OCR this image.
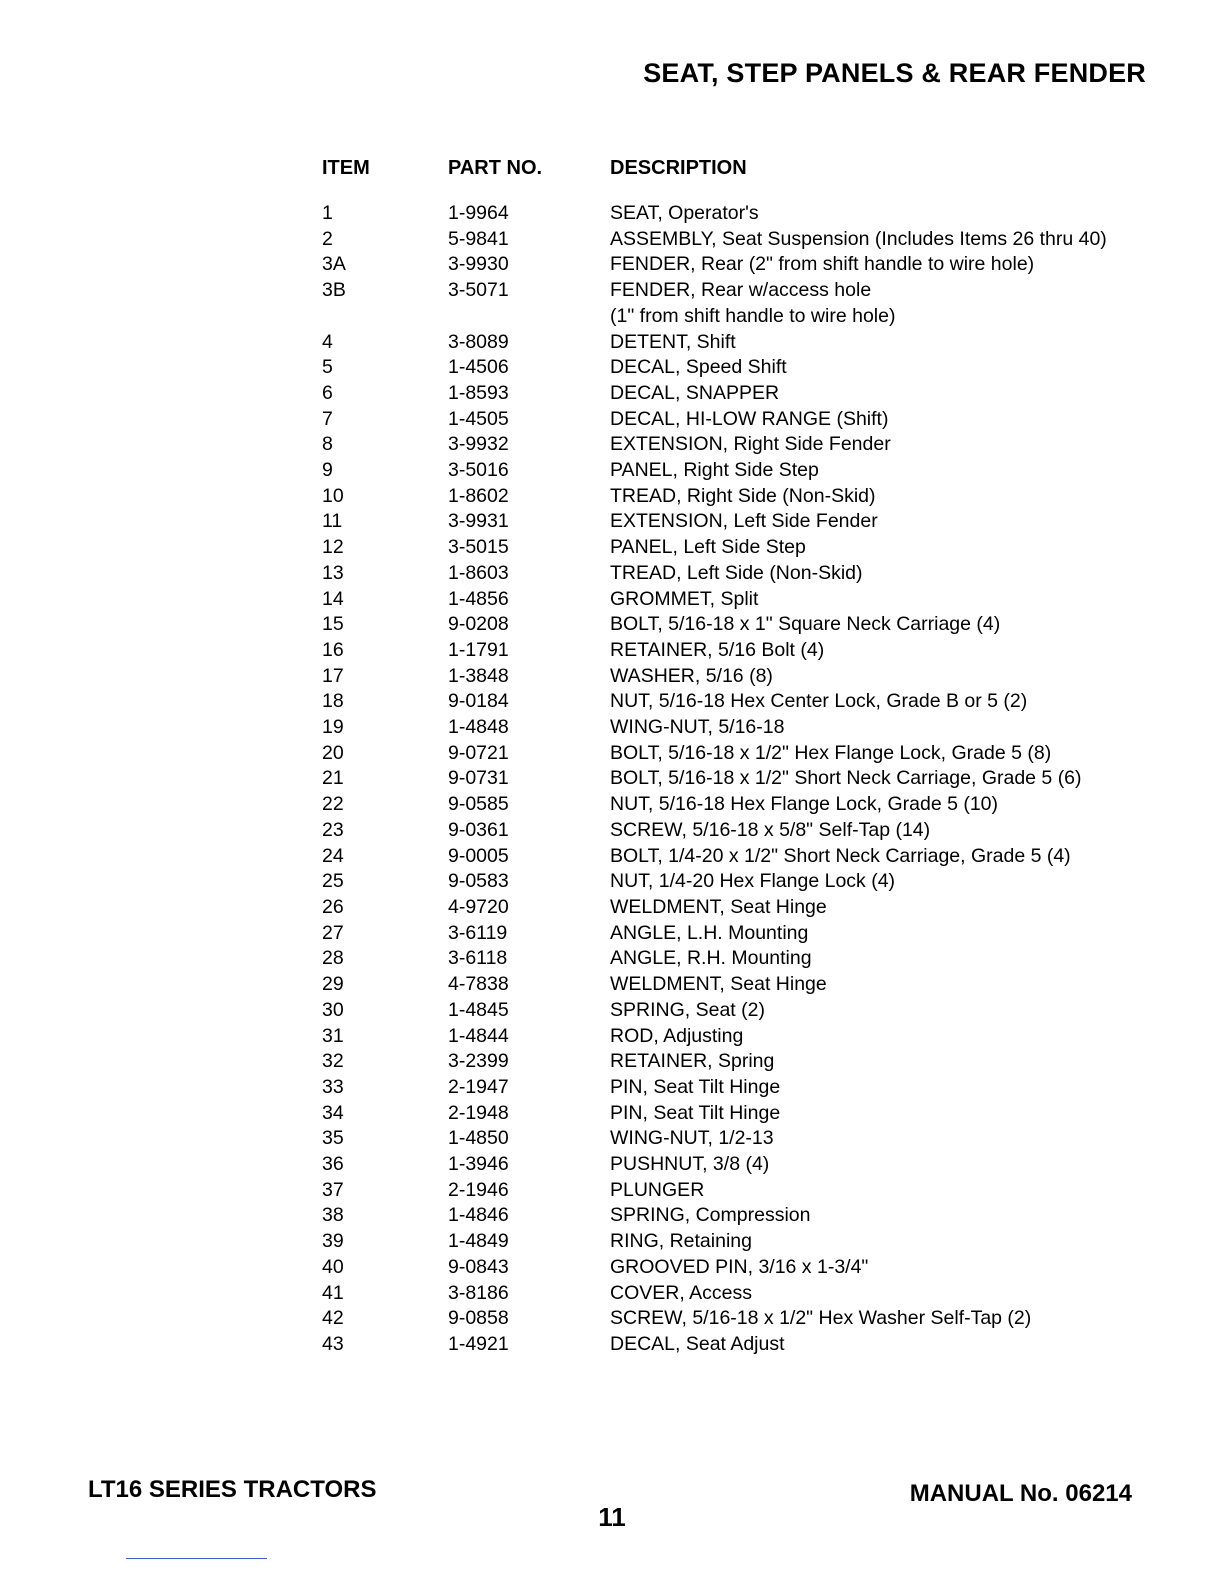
SEAT, STEP PANELS & REAR FENDER
ITEM	PART NO.	DESCRIPTION
1	1-9964	SEAT, Operator's
2	5-9841	ASSEMBLY, Seat Suspension (Includes Items 26 thru 40)
3A	3-9930	FENDER, Rear (2" from shift handle to wire hole)
3B	3-5071	FENDER, Rear w/access hole
(1" from shift handle to wire hole)
4	3-8089	DETENT, Shift
5	1-4506	DECAL, Speed Shift
6	1-8593	DECAL, SNAPPER
7	1-4505	DECAL, HI-LOW RANGE (Shift)
8	3-9932	EXTENSION, Right Side Fender
9	3-5016	PANEL, Right Side Step
10	1-8602	TREAD, Right Side (Non-Skid)
11	3-9931	EXTENSION, Left Side Fender
12	3-5015	PANEL, Left Side Step
13	1-8603	TREAD, Left Side (Non-Skid)
14	1-4856	GROMMET, Split
15	9-0208	BOLT, 5/16-18 x 1" Square Neck Carriage (4)
16	1-1791	RETAINER, 5/16 Bolt (4)
17	1-3848	WASHER, 5/16 (8)
18	9-0184	NUT, 5/16-18 Hex Center Lock, Grade B or 5 (2)
19	1-4848	WING-NUT, 5/16-18
20	9-0721	BOLT, 5/16-18 x 1/2" Hex Flange Lock, Grade 5 (8)
21	9-0731	BOLT, 5/16-18 x 1/2" Short Neck Carriage, Grade 5 (6)
22	9-0585	NUT, 5/16-18 Hex Flange Lock, Grade 5 (10)
23	9-0361	SCREW, 5/16-18 x 5/8" Self-Tap (14)
24	9-0005	BOLT, 1/4-20 x 1/2" Short Neck Carriage, Grade 5 (4)
25	9-0583	NUT, 1/4-20 Hex Flange Lock (4)
26	4-9720	WELDMENT, Seat Hinge
27	3-6119	ANGLE, L.H. Mounting
28	3-6118	ANGLE, R.H. Mounting
29	4-7838	WELDMENT, Seat Hinge
30	1-4845	SPRING, Seat (2)
31	1-4844	ROD, Adjusting
32	3-2399	RETAINER, Spring
33	2-1947	PIN, Seat Tilt Hinge
34	2-1948	PIN, Seat Tilt Hinge
35	1-4850	WING-NUT, 1/2-13
36	1-3946	PUSHNUT, 3/8 (4)
37	2-1946	PLUNGER
38	1-4846	SPRING, Compression
39	1-4849	RING, Retaining
40	9-0843	GROOVED PIN, 3/16 x 1-3/4"
41	3-8186	COVER, Access
42	9-0858	SCREW, 5/16-18 x 1/2" Hex Washer Self-Tap (2)
43	1-4921	DECAL, Seat Adjust
LT16 SERIES TRACTORS
11
MANUAL No. 06214
